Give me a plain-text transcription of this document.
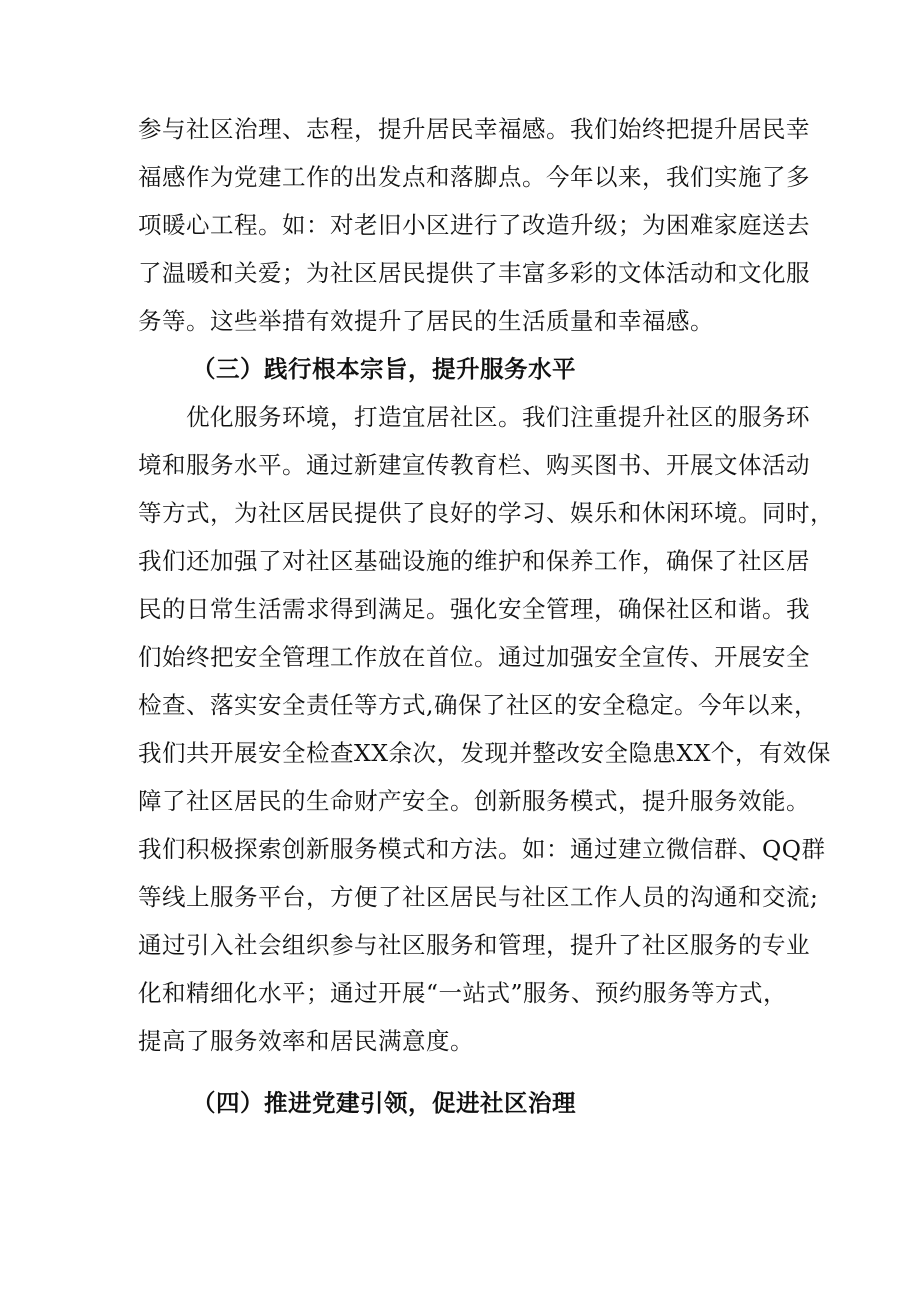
参与社区治理、志程，提升居民幸福感。我们始终把提升居民幸
福感作为党建工作的出发点和落脚点。今年以来，我们实施了多
项暖心工程。如：对老旧小区进行了改造升级；为困难家庭送去
了温暖和关爱；为社区居民提供了丰富多彩的文体活动和文化服
务等。这些举措有效提升了居民的生活质量和幸福感。
（三）践行根本宗旨，提升服务水平
优化服务环境，打造宜居社区。我们注重提升社区的服务环
境和服务水平。通过新建宣传教育栏、购买图书、开展文体活动
等方式，为社区居民提供了良好的学习、娱乐和休闲环境。同时，
我们还加强了对社区基础设施的维护和保养工作，确保了社区居
民的日常生活需求得到满足。强化安全管理，确保社区和谐。我
们始终把安全管理工作放在首位。通过加强安全宣传、开展安全
检查、落实安全责任等方式,确保了社区的安全稳定。今年以来，
我们共开展安全检查XX余次，发现并整改安全隐患XX个，有效保
障了社区居民的生命财产安全。创新服务模式，提升服务效能。
我们积极探索创新服务模式和方法。如：通过建立微信群、QQ群
等线上服务平台，方便了社区居民与社区工作人员的沟通和交流;
通过引入社会组织参与社区服务和管理，提升了社区服务的专业
化和精细化水平；通过开展“一站式”服务、预约服务等方式，
提高了服务效率和居民满意度。
（四）推进党建引领，促进社区治理
